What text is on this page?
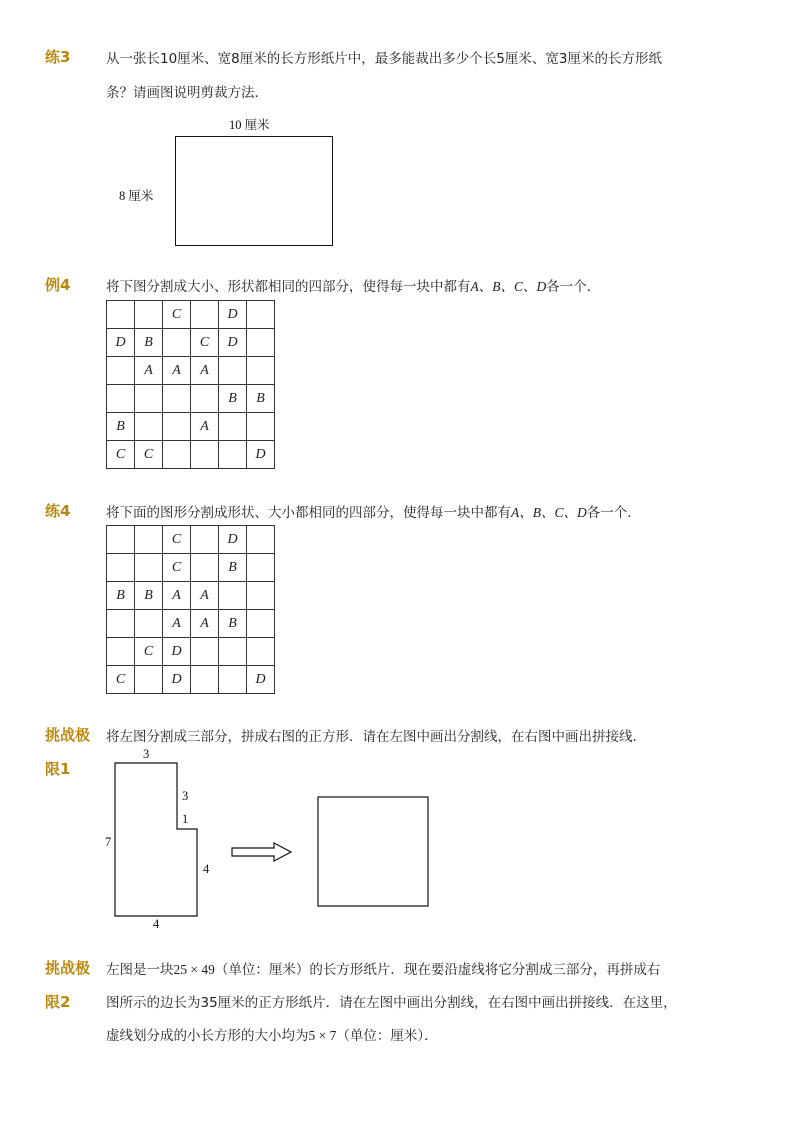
练3	从一张长10厘米、宽8厘米的长方形纸片中，最多能裁出多少个长5厘米、宽3厘米的长方形纸
条？请画图说明剪裁方法．
10 厘米
8 厘米
例4	将下图分割成大小、形状都相同的四部分，使得每一块中都有A、B、C、D各一个．
		C		D	
D	B		C	D	
	A	A	A		
				B	B
B			A		
C	C				D
练4	将下面的图形分割成形状、大小都相同的四部分，使得每一块中都有A、B、C、D各一个．
		C		D	
		C		B	
B	B	A	A		
		A	A	B	
	C	D			
C		D			D
挑战极
限1
将左图分割成三部分，拼成右图的正方形．请在左图中画出分割线，在右图中画出拼接线．
3
3
1
7
4
4
挑战极
限2
左图是一块25 × 49（单位：厘米）的长方形纸片．现在要沿虚线将它分割成三部分，再拼成右
图所示的边长为35厘米的正方形纸片．请在左图中画出分割线，在右图中画出拼接线．在这里，
虚线划分成的小长方形的大小均为5 × 7（单位：厘米）．
